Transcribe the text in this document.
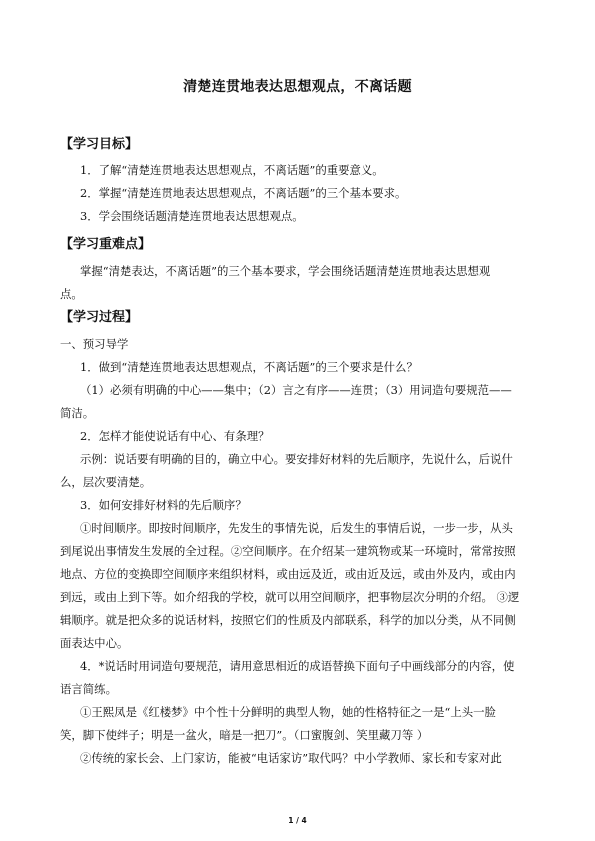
清楚连贯地表达思想观点，不离话题
【学习目标】
1．了解“清楚连贯地表达思想观点，不离话题”的重要意义。
2．掌握“清楚连贯地表达思想观点，不离话题”的三个基本要求。
3．学会围绕话题清楚连贯地表达思想观点。
【学习重难点】
掌握“清楚表达，不离话题”的三个基本要求，学会围绕话题清楚连贯地表达思想观
点。
【学习过程】
一、预习导学
1．做到“清楚连贯地表达思想观点，不离话题”的三个要求是什么？
（1）必须有明确的中心——集中；（2）言之有序——连贯；（3）用词造句要规范——
简洁。
2．怎样才能使说话有中心、有条理？
示例：说话要有明确的目的，确立中心。要安排好材料的先后顺序，先说什么，后说什
么，层次要清楚。
3．如何安排好材料的先后顺序？
①时间顺序。即按时间顺序，先发生的事情先说，后发生的事情后说，一步一步，从头
到尾说出事情发生发展的全过程。②空间顺序。在介绍某一建筑物或某一环境时，常常按照
地点、方位的变换即空间顺序来组织材料，或由远及近，或由近及远，或由外及内，或由内
到远，或由上到下等。如介绍我的学校，就可以用空间顺序，把事物层次分明的介绍。 ③逻
辑顺序。就是把众多的说话材料，按照它们的性质及内部联系，科学的加以分类，从不同侧
面表达中心。
4．*说话时用词造句要规范，请用意思相近的成语替换下面句子中画线部分的内容，使
语言简练。
①王熙凤是《红楼梦》中个性十分鲜明的典型人物，她的性格特征之一是“上头一脸
笑，脚下使绊子；明是一盆火，暗是一把刀”。（口蜜腹剑、笑里藏刀等 ）
②传统的家长会、上门家访，能被“电话家访”取代吗？中小学教师、家长和专家对此
1 / 4
